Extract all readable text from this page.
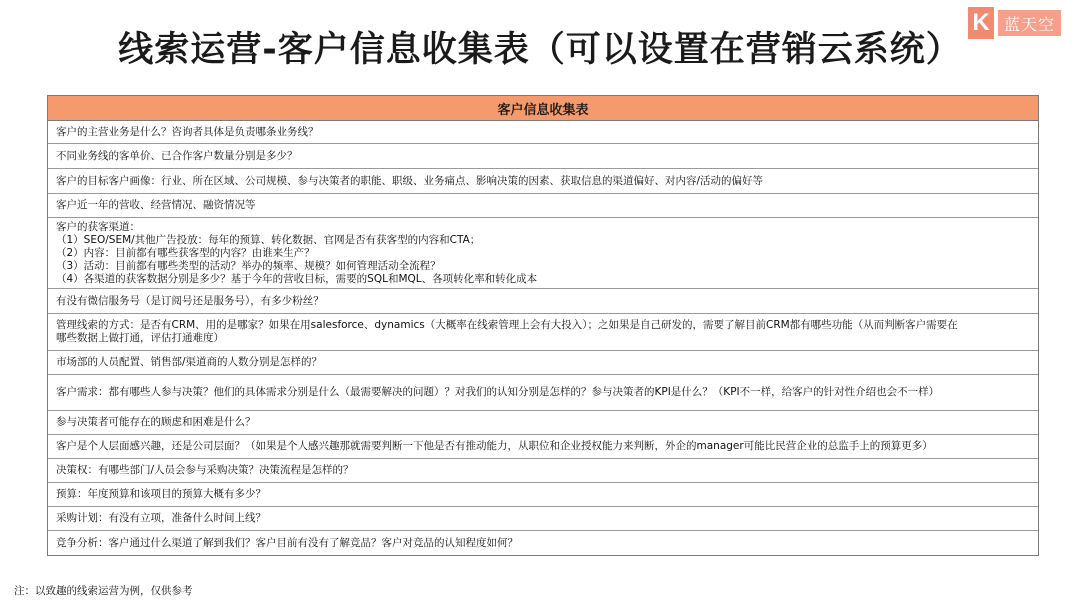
线索运营-客户信息收集表（可以设置在营销云系统）
K 蓝天空
客户信息收集表
客户的主营业务是什么？咨询者具体是负责哪条业务线？
不同业务线的客单价、已合作客户数量分别是多少？
客户的目标客户画像：行业、所在区域、公司规模、参与决策者的职能、职级、业务痛点、影响决策的因素、获取信息的渠道偏好、对内容/活动的偏好等
客户近一年的营收、经营情况、融资情况等
客户的获客渠道：
（1）SEO/SEM/其他广告投放：每年的预算、转化数据、官网是否有获客型的内容和CTA；
（2）内容：目前都有哪些获客型的内容？由谁来生产？
（3）活动：目前都有哪些类型的活动？举办的频率、规模？如何管理活动全流程？
（4）各渠道的获客数据分别是多少？基于今年的营收目标，需要的SQL和MQL、各项转化率和转化成本
有没有微信服务号（是订阅号还是服务号），有多少粉丝？
管理线索的方式：是否有CRM、用的是哪家？如果在用salesforce、dynamics（大概率在线索管理上会有大投入）；之如果是自己研发的，需要了解目前CRM都有哪些功能（从而判断客户需要在
哪些数据上做打通，评估打通难度）
市场部的人员配置、销售部/渠道商的人数分别是怎样的？
客户需求：都有哪些人参与决策？他们的具体需求分别是什么（最需要解决的问题）？对我们的认知分别是怎样的？参与决策者的KPI是什么？（KPI不一样，给客户的针对性介绍也会不一样）
参与决策者可能存在的顾虑和困难是什么？
客户是个人层面感兴趣，还是公司层面？（如果是个人感兴趣那就需要判断一下他是否有推动能力，从职位和企业授权能力来判断，外企的manager可能比民营企业的总监手上的预算更多）
决策权：有哪些部门/人员会参与采购决策？决策流程是怎样的？
预算：年度预算和该项目的预算大概有多少？
采购计划：有没有立项，准备什么时间上线？
竞争分析：客户通过什么渠道了解到我们？客户目前有没有了解竞品？客户对竞品的认知程度如何？
注：以致趣的线索运营为例，仅供参考
